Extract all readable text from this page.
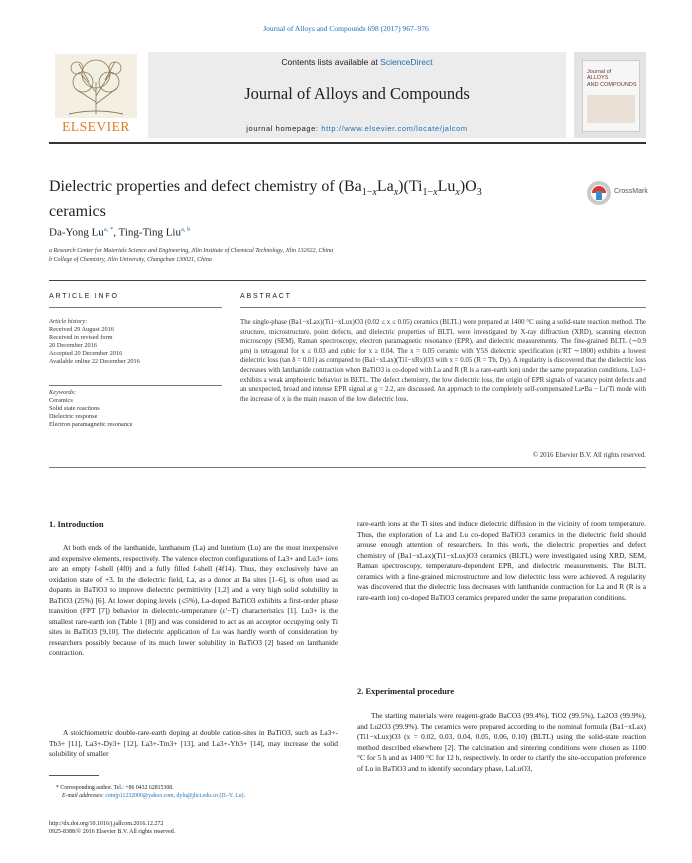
Journal of Alloys and Compounds 698 (2017) 967–976
ELSEVIER
Contents lists available at ScienceDirect
Journal of Alloys and Compounds
journal homepage: http://www.elsevier.com/locate/jalcom
Journal of
ALLOYS
AND COMPOUNDS
Dielectric properties and defect chemistry of $(Ba_{1-x}La_x)(Ti_{1-x}Lu_x)O_3$
ceramics
CrossMark
Da-Yong $Lu^{a, *}$, Ting-Ting Liu$^{a, b}$
a Research Center for Materials Science and Engineering, Jilin Institute of Chemical Technology, Jilin 132022, China
b College of Chemistry, Jilin University, Changchun 130021, China
ARTICLE INFO
Article history:
Received 29 August 2016
Received in revised form
20 December 2016
Accepted 20 December 2016
Available online 22 December 2016
Keywords:
Ceramics
Solid state reactions
Dielectric response
Electron paramagnetic resonance
ABSTRACT
The single-phase (Ba1−xLax)(Ti1−xLux)O3 (0.02 ≤ x ≤ 0.05) ceramics (BLTL) were prepared at 1400 °C using a solid-state reaction method. The structure, microstructure, point defects, and dielectric properties of BLTL were investigated by X-ray diffraction (XRD), scanning electron microscopy (SEM), Raman spectroscopy, electron paramagnetic resonance (EPR), and dielectric measurements. The fine-grained BLTL (∼0.9 μm) is tetragonal for x ≤ 0.03 and cubic for x ≥ 0.04. The x = 0.05 ceramic with Y5S dielectric specification (ε′RT ∼1800) exhibits a lowest dielectric loss (tan δ = 0.01) as compared to (Ba1−xLax)(Ti1−xRx)O3 with x = 0.05 (R = Tb, Dy). A regularity is discovered that the dielectric loss decreases with lanthanide contraction when BaTiO3 is co-doped with La and R (R is a rare-earth ion) under the same preparation conditions. Lu3+ exhibits a weak amphoteric behavior in BLTL. The defect chemistry, the low dielectric loss, the origin of EPR signals of vacancy point defects and an unexpected, broad and intense EPR signal at g = 2.2, are discussed. An approach to the completely self-compensated La•Ba − Lu′Ti mode with the increase of x is the main reason of the low dielectric loss.
© 2016 Elsevier B.V. All rights reserved.
1. Introduction
At both ends of the lanthanide, lanthanum (La) and lutetium (Lu) are the most inexpensive and expensive elements, respectively. The valence electron configurations of La3+ and Lu3+ ions are an empty f-shell (4f0) and a fully filled f-shell (4f14). Thus, they exclusively have an oxidation state of +3. In the dielectric field, La, as a donor at Ba sites [1–6], is often used as dopants in BaTiO3 to improve dielectric permittivity [1,2] and a very high solid solubility in BaTiO3 (25%) [6]. At lower doping levels (≤5%), La-doped BaTiO3 exhibits a first-order phase transition (FPT [7]) behavior in dielectric-temperature (ε′−T) characteristics [1]. Lu3+ is the smallest rare-earth ion (Table 1 [8]) and was considered to act as an acceptor occupying only Ti sites in BaTiO3 [9,10]. The dielectric application of Lu was hardly worth of consideration by researchers possibly because of its much lower solubility in BaTiO3 [2] based on lanthanide contraction.
A stoichiometric double-rare-earth doping at double cation-sites in BaTiO3, such as La3+-Tb3+ [11], La3+-Dy3+ [12], La3+-Tm3+ [13], and La3+-Yb3+ [14], may increase the solid solubility of smaller
* Corresponding author. Tel.: +86 0432 62815308.
E-mail addresses: cninjp11232000@yahoo.com, dylu@jlict.edu.cn (D.-Y. Lu).
http://dx.doi.org/10.1016/j.jallcom.2016.12.272
0925-8388/© 2016 Elsevier B.V. All rights reserved.
rare-earth ions at the Ti sites and induce dielectric diffusion in the vicinity of room temperature. Thus, the exploration of La and Lu co-doped BaTiO3 ceramics in the dielectric field should arouse enough attention of researchers. In this work, the dielectric properties and defect chemistry of (Ba1−xLax)(Ti1−xLux)O3 ceramics (BLTL) were investigated using XRD, SEM, Raman spectroscopy, temperature-dependent EPR, and dielectric measurements. The BLTL ceramics with a fine-grained microstructure and low dielectric loss were achieved. A regularity was discovered that the dielectric loss decreases with lanthanide contraction for La and R (R is a rare-earth ion) co-doped BaTiO3 ceramics prepared under the same preparation conditions.
2. Experimental procedure
The starting materials were reagent-grade BaCO3 (99.4%), TiO2 (99.5%), La2O3 (99.9%), and Lu2O3 (99.9%). The ceramics were prepared according to the nominal formula (Ba1−xLax)(Ti1−xLux)O3 (x = 0.02, 0.03, 0.04, 0.05, 0.06, 0.10) (BLTL) using the solid-state reaction method described elsewhere [2]. The calcination and sintering conditions were chosen as 1100 °C for 5 h and as 1400 °C for 12 h, respectively. In order to clarify the site-occupation preference of Lu in BaTiO3 and to identify secondary phase, LaLuO3,
